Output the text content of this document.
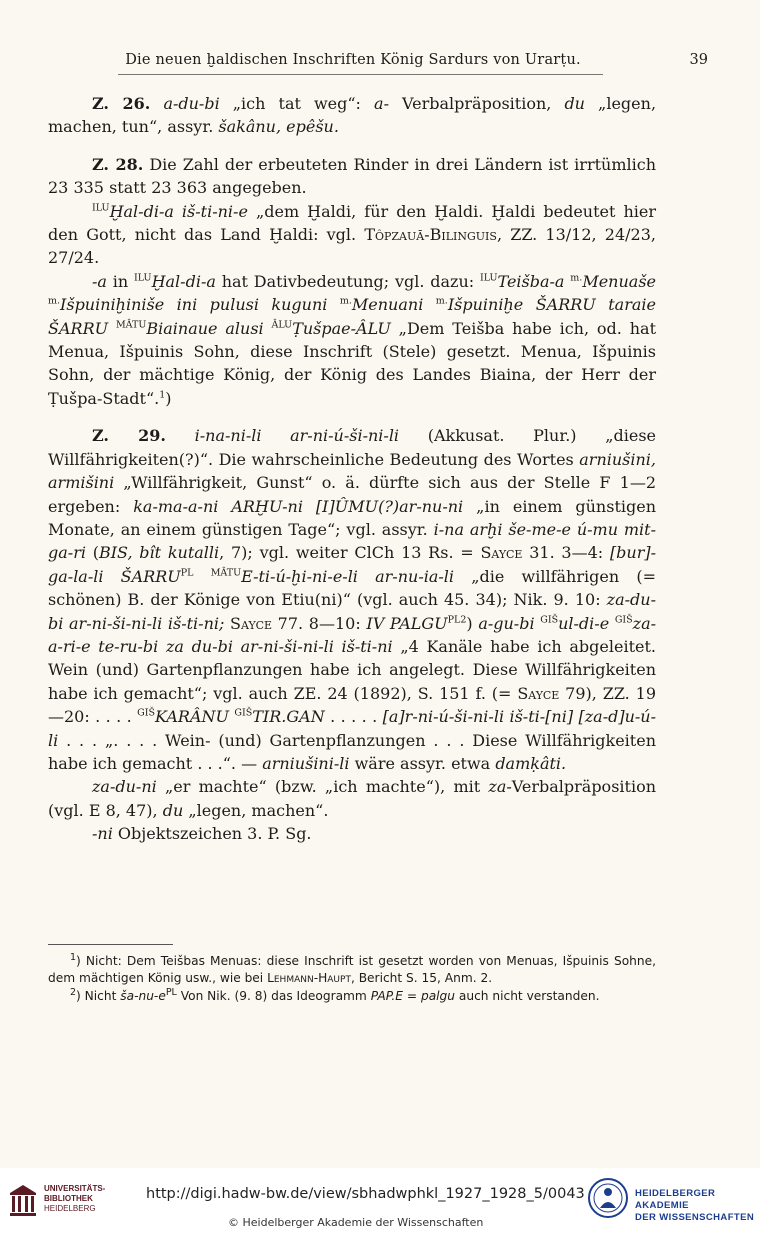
Die neuen ḫaldischen Inschriften König Sardurs von Urarṭu.	39

Z. 26. a-du-bi „ich tat weg“: a- Verbalpräposition, du „legen, machen, tun“, assyr. šakânu, epêšu.

Z. 28. Die Zahl der erbeuteten Rinder in drei Ländern ist irrtümlich 23 335 statt 23 363 angegeben.

$^{ILU}$Ḫal-di-a iš-ti-ni-e „dem Ḫaldi, für den Ḫaldi. Ḫaldi bedeutet hier den Gott, nicht das Land Ḫaldi: vgl. Tôpzauā-Bilinguis, ZZ. 13/12, 24/23, 27/24.

-a in $^{ILU}$Ḫal-di-a hat Dativbedeutung; vgl. dazu: $^{ILU}$Teišba-a $^{m.}$Menuaše $^{m.}$Išpuiniḫiniše ini pulusi kuguni $^{m.}$Menuani $^{m.}$Išpuiniḫe ŠARRU taraie ŠARRU $^{MÂTU}$Biainaue alusi $^{ÂLU}$Ṭušpae-ÂLU „Dem Teišba habe ich, od. hat Menua, Išpuinis Sohn, diese Inschrift (Stele) gesetzt. Menua, Išpuinis Sohn, der mächtige König, der König des Landes Biaina, der Herr der Ṭušpa-Stadt“.$^1$)

Z. 29. i-na-ni-li ar-ni-ú-ši-ni-li (Akkusat. Plur.) „diese Willfährigkeiten(?)“. Die wahrscheinliche Bedeutung des Wortes arniušini, armišini „Willfährigkeit, Gunst“ o. ä. dürfte sich aus der Stelle F 1—2 ergeben: ka-ma-a-ni ARḪU-ni [I]ÛMU(?)ar-nu-ni „in einem günstigen Monate, an einem günstigen Tage“; vgl. assyr. i-na arḫi še-me-e ú-mu mit-ga-ri (BIS, bît kutalli, 7); vgl. weiter ClCh 13 Rs. = Sayce 31. 3—4: [bur]-ga-la-li $ŠARRU^{PL}$ $^{MÂTU}$E-ti-ú-ḫi-ni-e-li ar-nu-ia-li „die willfährigen (= schönen) B. der Könige von Etiu(ni)“ (vgl. auch 45. 34); Nik. 9. 10: za-du-bi ar-ni-ši-ni-li iš-ti-ni; Sayce 77. 8—10: IV $PALGU^{PL2}$) a-gu-bi $^{GIŠ}$ul-di-e $^{GIŠ}$za-a-ri-e te-ru-bi za du-bi ar-ni-ši-ni-li iš-ti-ni „4 Kanäle habe ich abgeleitet. Wein (und) Gartenpflanzungen habe ich angelegt. Diese Willfährigkeiten habe ich gemacht“; vgl. auch ZE. 24 (1892), S. 151 f. (= Sayce 79), ZZ. 19—20: . . . . $^{GIŠ}$KARÂNU $^{GIŠ}$TIR.GAN . . . . . [a]r-ni-ú-ši-ni-li iš-ti-[ni] [za-d]u-ú-li . . . „. . . . Wein- (und) Gartenpflanzungen . . . Diese Willfährigkeiten habe ich gemacht . . .“. — arniušini-li wäre assyr. etwa damḳâti.

za-du-ni „er machte“ (bzw. „ich machte“), mit za-Verbalpräposition (vgl. E 8, 47), du „legen, machen“.

-ni Objektszeichen 3. P. Sg.

$^1$) Nicht: Dem Teišbas Menuas: diese Inschrift ist gesetzt worden von Menuas, Išpuinis Sohne, dem mächtigen König usw., wie bei Lehmann-Haupt, Bericht S. 15, Anm. 2.

$^2$) Nicht $ša-nu-e^{PL}$ Von Nik. (9. 8) das Ideogramm PAP.E = palgu auch nicht verstanden.

UNIVERSITÄTS-
BIBLIOTHEK
HEIDELBERG
http://digi.hadw-bw.de/view/sbhadwphkl_1927_1928_5/0043
© Heidelberger Akademie der Wissenschaften
HEIDELBERGER AKADEMIE
DER WISSENSCHAFTEN
